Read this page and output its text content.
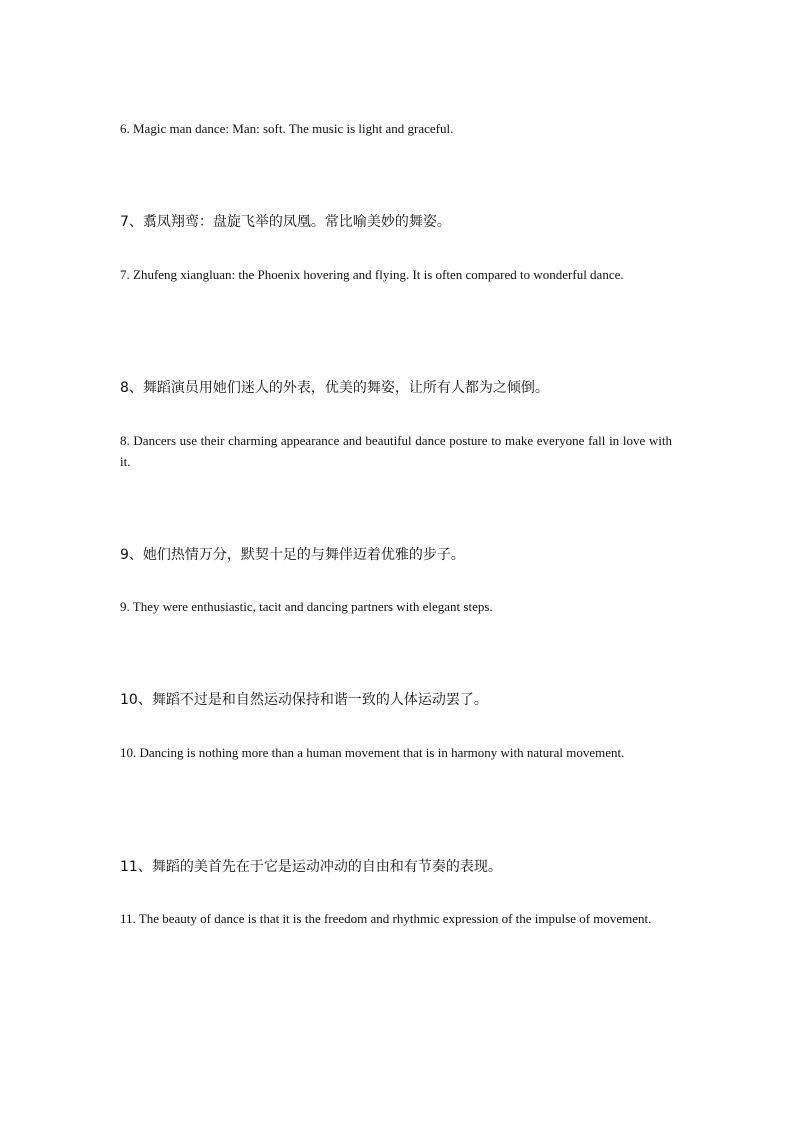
6. Magic man dance: Man: soft. The music is light and graceful.

7、翥凤翔鸾：盘旋飞举的凤凰。常比喻美妙的舞姿。

7. Zhufeng xiangluan: the Phoenix hovering and flying. It is often compared to wonderful dance.

8、舞蹈演员用她们迷人的外表，优美的舞姿，让所有人都为之倾倒。

8. Dancers use their charming appearance and beautiful dance posture to make everyone fall in love with it.

9、她们热情万分，默契十足的与舞伴迈着优雅的步子。

9. They were enthusiastic, tacit and dancing partners with elegant steps.

10、舞蹈不过是和自然运动保持和谐一致的人体运动罢了。

10. Dancing is nothing more than a human movement that is in harmony with natural movement.

11、舞蹈的美首先在于它是运动冲动的自由和有节奏的表现。

11. The beauty of dance is that it is the freedom and rhythmic expression of the impulse of movement.
